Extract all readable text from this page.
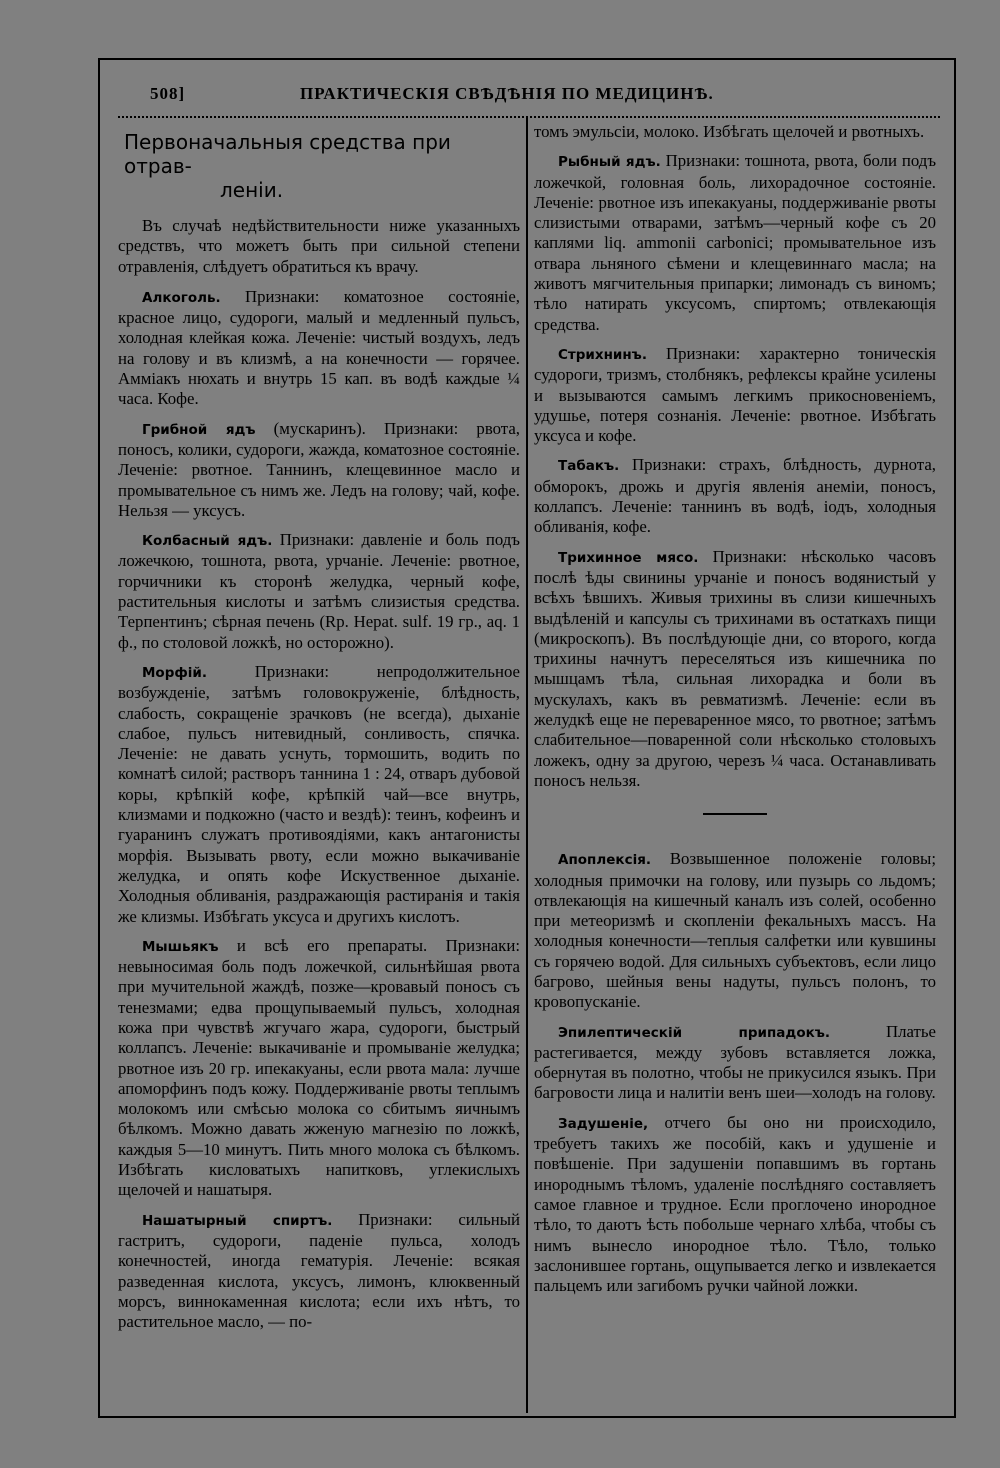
508]	ПРАКТИЧЕСКІЯ СВѢДѢНІЯ ПО МЕДИЦИНѢ.
Первоначальныя средства при отрав-
леніи.

Въ случаѣ недѣйствительности ниже указанныхъ средствъ, что можетъ быть при сильной степени отравленія, слѣдуетъ обратиться къ врачу.

Алкоголь. Признаки: коматозное состояніе, красное лицо, судороги, малый и медленный пульсъ, холодная клейкая кожа. Леченіе: чистый воздухъ, ледъ на голову и въ клизмѣ, а на конечности — горячее. Амміакъ нюхать и внутрь 15 кап. въ водѣ каждые ¼ часа. Кофе.

Грибной ядъ (мускаринъ). Признаки: рвота, поносъ, колики, судороги, жажда, коматозное состояніе. Леченіе: рвотное. Таннинъ, клещевинное масло и промывательное съ нимъ же. Ледъ на голову; чай, кофе. Нельзя — уксусъ.

Колбасный ядъ. Признаки: давленіе и боль подъ ложечкою, тошнота, рвота, урчаніе. Леченіе: рвотное, горчичники къ сторонѣ желудка, черный кофе, растительныя кислоты и затѣмъ слизистыя средства. Терпентинъ; сѣрная печень (Rp. Hepat. sulf. 19 гр., aq. 1 ф., по столовой ложкѣ, но осторожно).

Морфій.	Признаки: непродолжительное возбужденіе, затѣмъ головокруженіе, блѣдность, слабость, сокращеніе зрачковъ (не всегда), дыханіе слабое, пульсъ нитевидный, сонливость, спячка. Леченіе: не давать уснуть, тормошить, водить по комнатѣ силой; растворъ таннина 1 : 24, отваръ дубовой коры, крѣпкій кофе, крѣпкій чай—все внутрь, клизмами и подкожно (часто и вездѣ): теинъ, кофеинъ и гуаранинъ служатъ противоядіями, какъ антагонисты морфія. Вызывать рвоту, если можно выкачиваніе желудка, и опять кофе Искуственное дыханіе. Холодныя обливанія, раздражающія растиранія и такія же клизмы. Избѣгать уксуса и другихъ кислотъ.

Мышьякъ и всѣ его препараты. Признаки: невыносимая боль подъ ложечкой, сильнѣйшая рвота при мучительной жаждѣ, позже—кровавый поносъ съ тенезмами; едва прощупываемый пульсъ, холодная кожа при чувствѣ жгучаго жара, судороги, быстрый коллапсъ. Леченіе: выкачиваніе и промываніе желудка; рвотное изъ 20 гр. ипекакуаны, если рвота мала: лучше апоморфинъ подъ кожу. Поддерживаніе рвоты теплымъ молокомъ или смѣсью молока со сбитымъ яичнымъ бѣлкомъ. Можно давать жженую магнезію по ложкѣ, каждыя 5—10 минутъ. Пить много молока съ бѣлкомъ. Избѣгать кисловатыхъ напитковъ, углекислыхъ щелочей и нашатыря.

Нашатырный спиртъ. Признаки: сильный гастритъ, судороги, паденіе пульса, холодъ конечностей, иногда гематурія. Леченіе: всякая разведенная кислота, уксусъ, лимонъ, клюквенный морсъ, виннокаменная кислота; если ихъ нѣтъ, то растительное масло, — по-

томъ эмульсіи, молоко. Избѣгать щелочей и рвотныхъ.

Рыбный ядъ. Признаки: тошнота, рвота, боли подъ ложечкой, головная боль, лихорадочное состояніе. Леченіе: рвотное изъ ипекакуаны, поддерживаніе рвоты слизистыми отварами, затѣмъ—черный кофе съ 20 каплями liq. ammonii carbonici; промывательное изъ отвара льняного сѣмени и клещевиннаго масла; на животъ мягчительныя припарки; лимонадъ съ виномъ; тѣло натирать уксусомъ, спиртомъ; отвлекающія средства.

Стрихнинъ. Признаки: характерно тоническія судороги, тризмъ, столбнякъ, рефлексы крайне усилены и вызываются самымъ легкимъ прикосновеніемъ, удушье, потеря сознанія. Леченіе: рвотное. Избѣгать уксуса и кофе.

Табакъ. Признаки: страхъ, блѣдность, дурнота, обморокъ, дрожь и другія явленія анеміи, поносъ, коллапсъ. Леченіе: таннинъ въ водѣ, іодъ, холодныя обливанія, кофе.

Трихинное мясо. Признаки: нѣсколько часовъ послѣ ѣды свинины урчаніе и поносъ водянистый у всѣхъ ѣвшихъ. Живыя трихины въ слизи кишечныхъ выдѣленій и капсулы съ трихинами въ остаткахъ пищи (микроскопъ). Въ послѣдующіе дни, со второго, когда трихины начнутъ переселяться изъ кишечника по мышцамъ тѣла, сильная лихорадка и боли въ мускулахъ, какъ въ ревматизмѣ. Леченіе: если въ желудкѣ еще не переваренное мясо, то рвотное; затѣмъ слабительное—поваренной соли нѣсколько столовыхъ ложекъ, одну за другою, черезъ ¼ часа. Останавливать поносъ нельзя.

Апоплексія. Возвышенное положеніе головы; холодныя примочки на голову, или пузырь со льдомъ; отвлекающія на кишечный каналъ изъ солей, особенно при метеоризмѣ и скопленіи фекальныхъ массъ. На холодныя конечности—теплыя салфетки или кувшины съ горячею водой. Для сильныхъ субъектовъ, если лицо багрово, шейныя вены надуты, пульсъ полонъ, то кровопусканіе.

Эпилептическій припадокъ.	Платье растегивается, между зубовъ вставляется ложка, обернутая въ полотно, чтобы не прикусился языкъ. При багровости лица и налитіи венъ шеи—холодъ на голову.

Задушеніе, отчего бы оно ни происходило, требуетъ такихъ же пособій, какъ и удушеніе и повѣшеніе. При задушеніи попавшимъ въ гортань инороднымъ тѣломъ, удаленіе послѣдняго составляетъ самое главное и трудное. Если проглочено инородное тѣло, то даютъ ѣсть побольше чернаго хлѣба, чтобы съ нимъ вынесло инородное тѣло. Тѣло, только заслонившее гортань, ощупывается легко и извлекается пальцемъ или загибомъ ручки чайной ложки.
